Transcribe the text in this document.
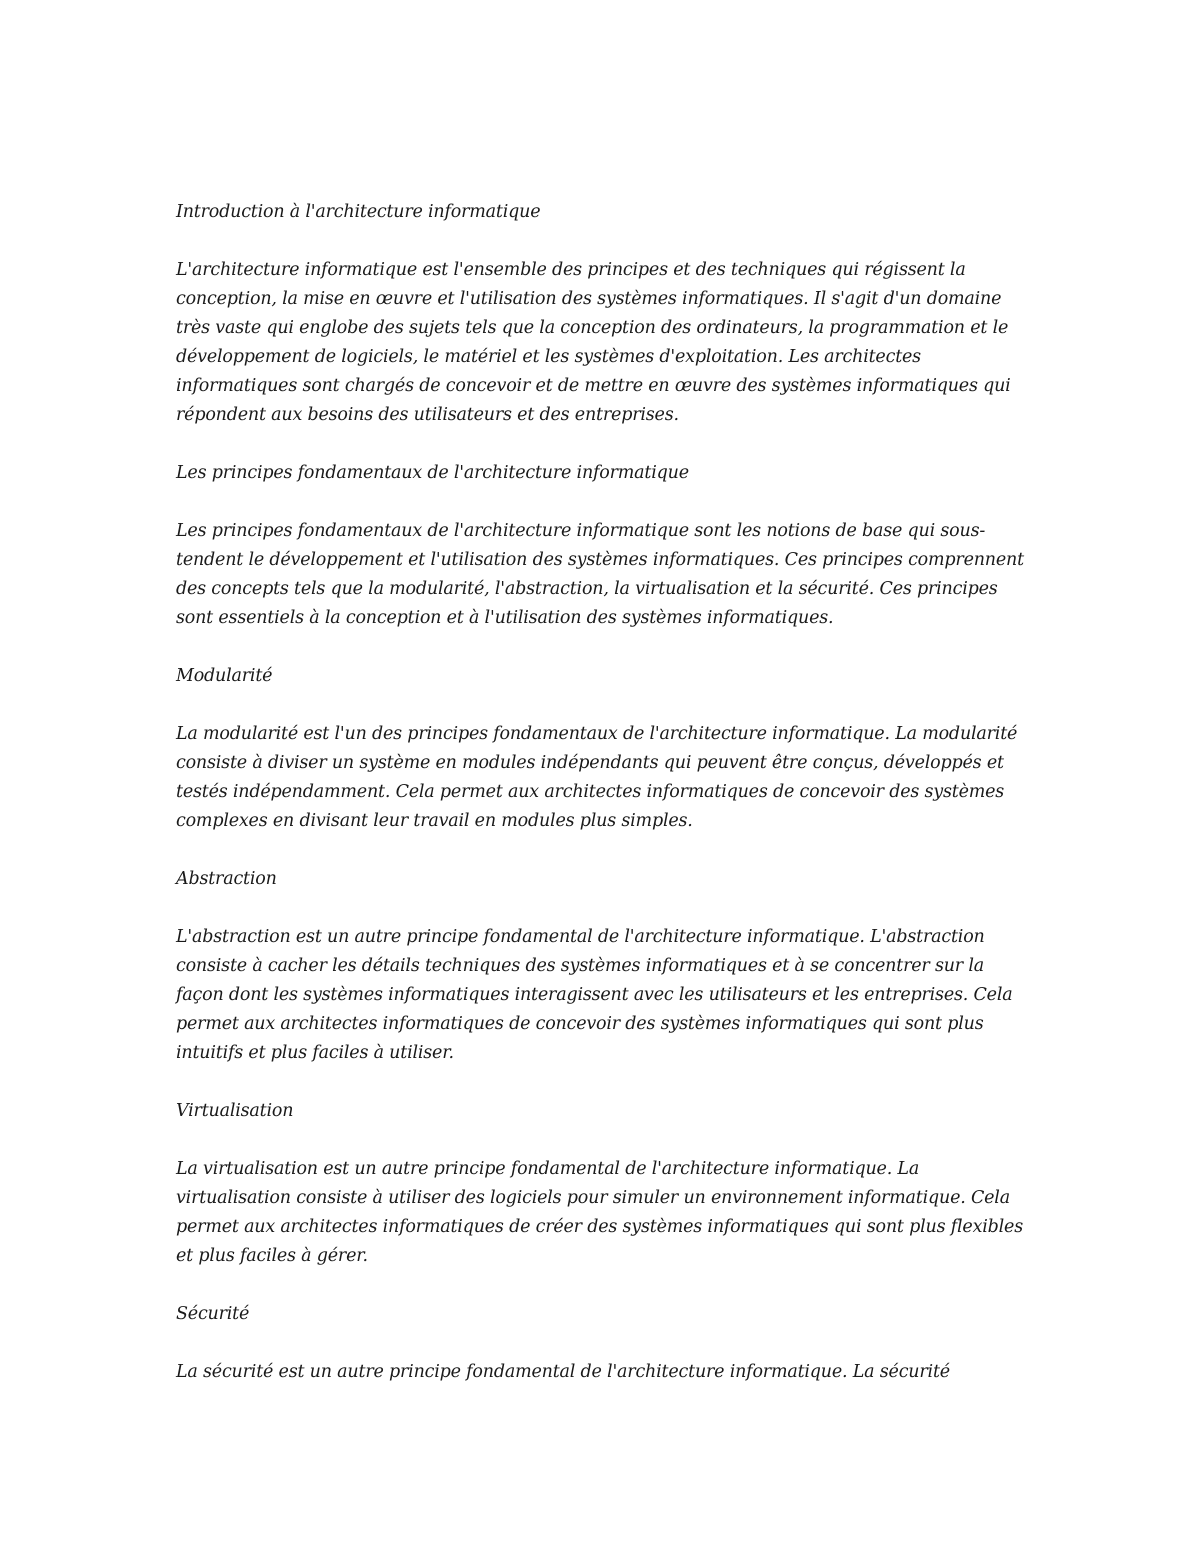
Introduction à l'architecture informatique

L'architecture informatique est l'ensemble des principes et des techniques qui régissent la conception, la mise en œuvre et l'utilisation des systèmes informatiques. Il s'agit d'un domaine très vaste qui englobe des sujets tels que la conception des ordinateurs, la programmation et le développement de logiciels, le matériel et les systèmes d'exploitation. Les architectes informatiques sont chargés de concevoir et de mettre en œuvre des systèmes informatiques qui répondent aux besoins des utilisateurs et des entreprises.

Les principes fondamentaux de l'architecture informatique

Les principes fondamentaux de l'architecture informatique sont les notions de base qui sous-tendent le développement et l'utilisation des systèmes informatiques. Ces principes comprennent des concepts tels que la modularité, l'abstraction, la virtualisation et la sécurité. Ces principes sont essentiels à la conception et à l'utilisation des systèmes informatiques.

Modularité

La modularité est l'un des principes fondamentaux de l'architecture informatique. La modularité consiste à diviser un système en modules indépendants qui peuvent être conçus, développés et testés indépendamment. Cela permet aux architectes informatiques de concevoir des systèmes complexes en divisant leur travail en modules plus simples.

Abstraction

L'abstraction est un autre principe fondamental de l'architecture informatique. L'abstraction consiste à cacher les détails techniques des systèmes informatiques et à se concentrer sur la façon dont les systèmes informatiques interagissent avec les utilisateurs et les entreprises. Cela permet aux architectes informatiques de concevoir des systèmes informatiques qui sont plus intuitifs et plus faciles à utiliser.

Virtualisation

La virtualisation est un autre principe fondamental de l'architecture informatique. La virtualisation consiste à utiliser des logiciels pour simuler un environnement informatique. Cela permet aux architectes informatiques de créer des systèmes informatiques qui sont plus flexibles et plus faciles à gérer.

Sécurité

La sécurité est un autre principe fondamental de l'architecture informatique. La sécurité
